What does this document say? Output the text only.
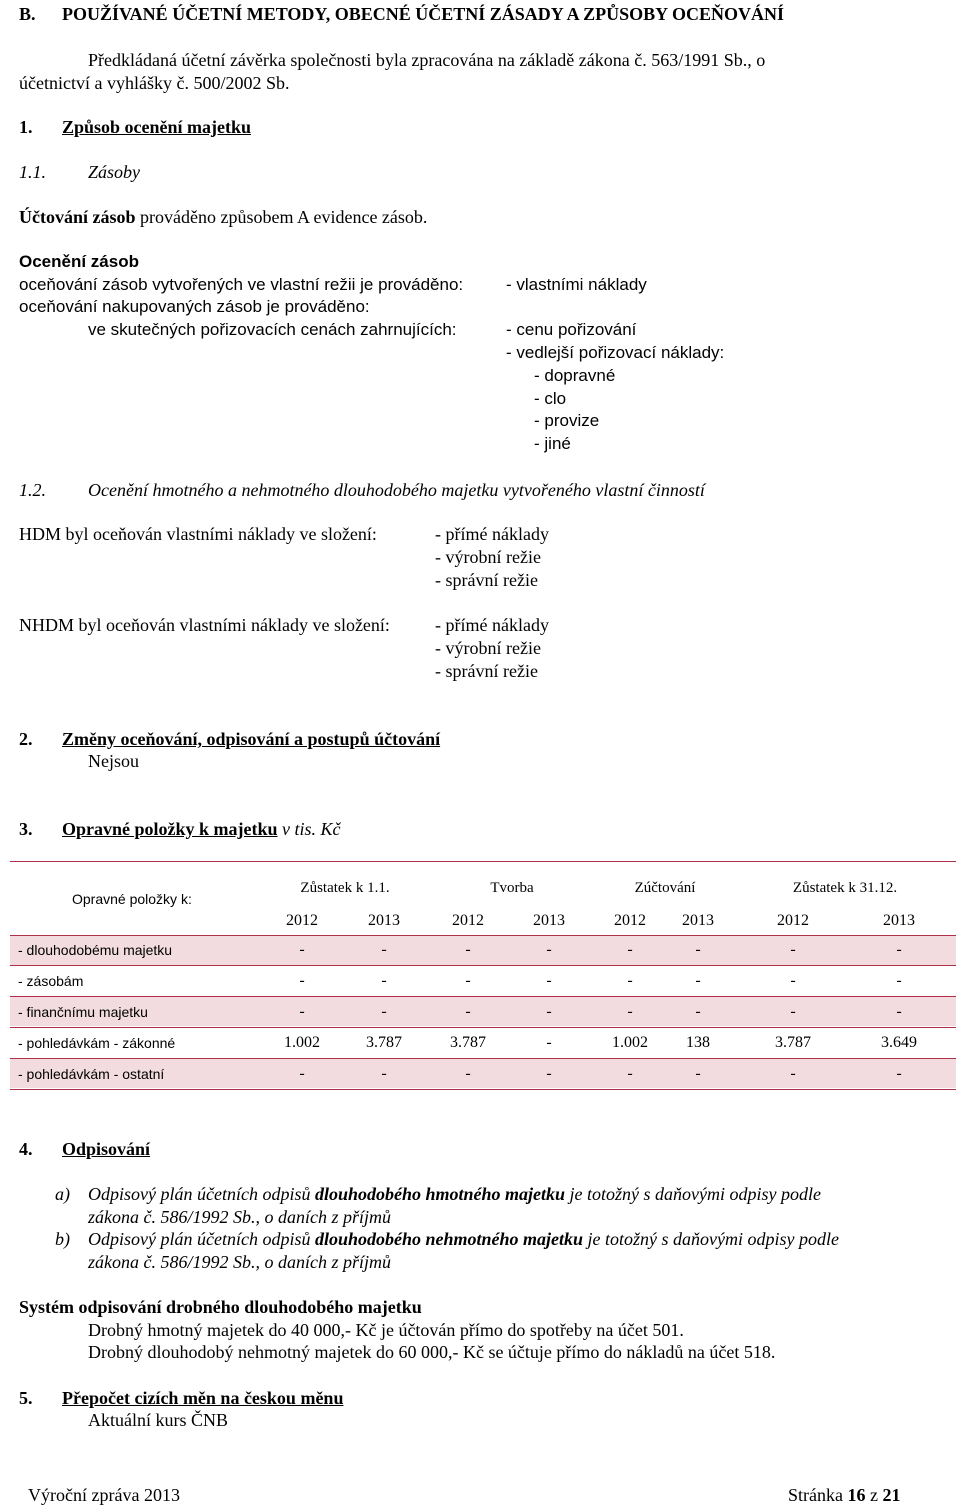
B. POUŽÍVANÉ ÚČETNÍ METODY, OBECNÉ ÚČETNÍ ZÁSADY A ZPŮSOBY OCEŇOVÁNÍ
Předkládaná účetní závěrka společnosti byla zpracována na základě zákona č. 563/1991 Sb., o
účetnictví a vyhlášky č. 500/2002 Sb.
1. Způsob ocenění majetku
1.1. Zásoby
Účtování zásob prováděno způsobem A evidence zásob.
Ocenění zásob
oceňování zásob vytvořených ve vlastní režii je prováděno:	- vlastními náklady
oceňování nakupovaných zásob je prováděno:
ve skutečných pořizovacích cenách zahrnujících:	- cenu pořizování
- vedlejší pořizovací náklady:
- dopravné
- clo
- provize
- jiné
1.2. Ocenění hmotného a nehmotného dlouhodobého majetku vytvořeného vlastní činností
HDM byl oceňován vlastními náklady ve složení:	- přímé náklady
- výrobní režie
- správní režie
NHDM byl oceňován vlastními náklady ve složení:	- přímé náklady
- výrobní režie
- správní režie
2. Změny oceňování, odpisování a postupů účtování
Nejsou
3. Opravné položky k majetku v tis. Kč
Opravné položky k:
Zůstatek k 1.1.	Tvorba	Zúčtování	Zůstatek k 31.12.
2012	2013	2012	2013	2012	2013	2012	2013
- dlouhodobému majetku	-	-	-	-	-	-	-	-
- zásobám	-	-	-	-	-	-	-	-
- finančnímu majetku	-	-	-	-	-	-	-	-
- pohledávkám - zákonné	1.002	3.787	3.787	-	1.002	138	3.787	3.649
- pohledávkám - ostatní	-	-	-	-	-	-	-	-
4. Odpisování
a) Odpisový plán účetních odpisů dlouhodobého hmotného majetku je totožný s daňovými odpisy podle
zákona č. 586/1992 Sb., o daních z příjmů
b) Odpisový plán účetních odpisů dlouhodobého nehmotného majetku je totožný s daňovými odpisy podle
zákona č. 586/1992 Sb., o daních z příjmů
Systém odpisování drobného dlouhodobého majetku
Drobný hmotný majetek do 40 000,- Kč je účtován přímo do spotřeby na účet 501.
Drobný dlouhodobý nehmotný majetek do 60 000,- Kč se účtuje přímo do nákladů na účet 518.
5. Přepočet cizích měn na českou měnu
Aktuální kurs ČNB
Výroční zpráva 2013	Stránka 16 z 21
